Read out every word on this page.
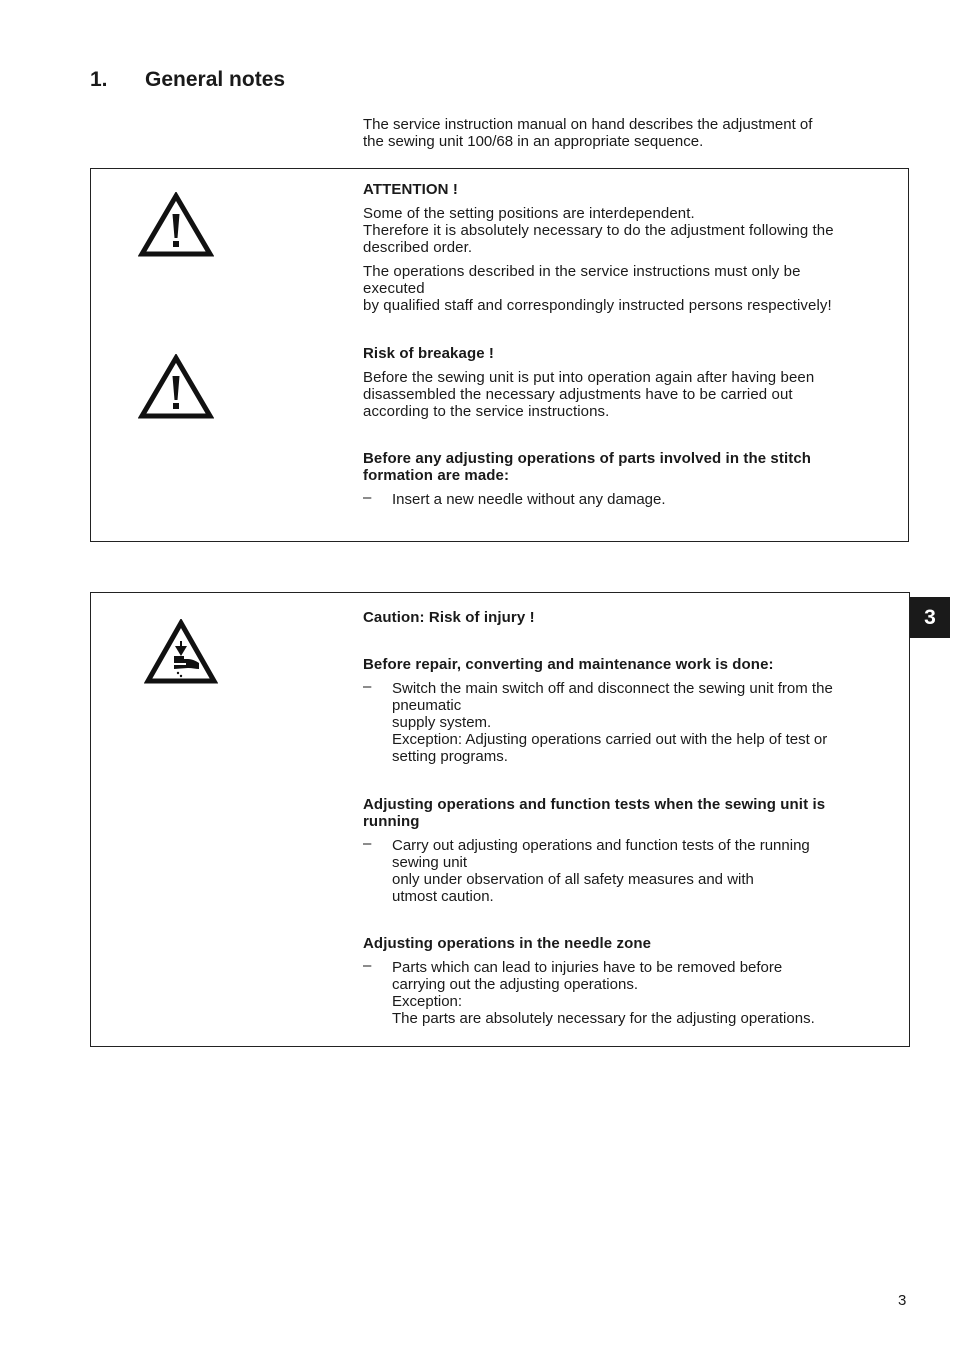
1. General notes

The service instruction manual on hand describes the adjustment of

the sewing unit 100/68 in an appropriate sequence.

ATTENTION !

Some of the setting positions are interdependent.

Therefore it is absolutely necessary to do the adjustment following the

described order.

The operations described in the service instructions must only be

executed

by qualified staff and correspondingly instructed persons respectively!

Risk of breakage !

Before the sewing unit is put into operation again after having been

disassembled the necessary adjustments have to be carried out

according to the service instructions.

Before any adjusting operations of parts involved in the stitch

formation are made:

– Insert a new needle without any damage.

Caution: Risk of injury !
Before repair, converting and maintenance work is done:
– Switch the main switch off and disconnect the sewing unit from the

pneumatic

supply system.

Exception: Adjusting operations carried out with the help of test or

setting programs.

Adjusting operations and function tests when the sewing unit is

running

– Carry out adjusting operations and function tests of the running

sewing unit

only under observation of all safety measures and with

utmost caution.

Adjusting operations in the needle zone
– Parts which can lead to injuries have to be removed before

carrying out the adjusting operations.

Exception:

The parts are absolutely necessary for the adjusting operations.

3
3
